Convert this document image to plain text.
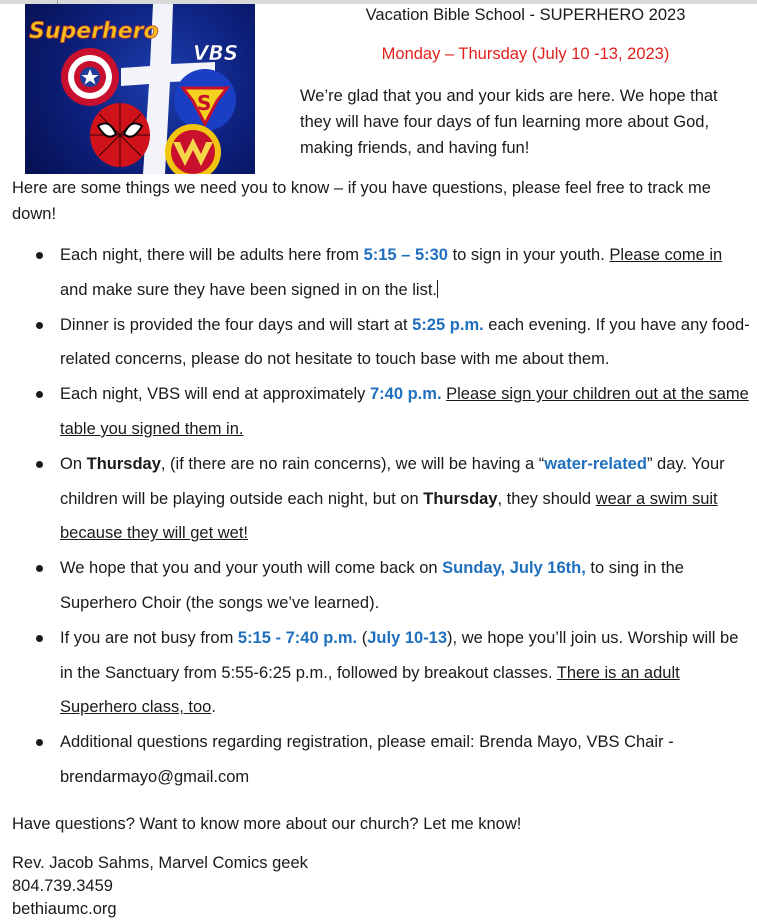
Superhero
VBS
S
Vacation Bible School - SUPERHERO 2023
Monday – Thursday (July 10 -13, 2023)
We’re glad that you and your kids are here. We hope that they will have four days of fun learning more about God, making friends, and having fun!
Here are some things we need you to know – if you have questions, please feel free to track me down!
Each night, there will be adults here from 5:15 – 5:30 to sign in your youth. Please come in and make sure they have been signed in on the list.
Dinner is provided the four days and will start at 5:25 p.m. each evening. If you have any food-related concerns, please do not hesitate to touch base with me about them.
Each night, VBS will end at approximately 7:40 p.m. Please sign your children out at the same table you signed them in.
On Thursday, (if there are no rain concerns), we will be having a “water-related” day. Your children will be playing outside each night, but on Thursday, they should wear a swim suit because they will get wet!
We hope that you and your youth will come back on Sunday, July 16th, to sing in the Superhero Choir (the songs we’ve learned).
If you are not busy from 5:15 - 7:40 p.m. (July 10-13), we hope you’ll join us. Worship will be in the Sanctuary from 5:55-6:25 p.m., followed by breakout classes. There is an adult Superhero class, too.
Additional questions regarding registration, please email: Brenda Mayo, VBS Chair - brendarmayo@gmail.com
Have questions? Want to know more about our church? Let me know!
Rev. Jacob Sahms, Marvel Comics geek
804.739.3459
bethiaumc.org
